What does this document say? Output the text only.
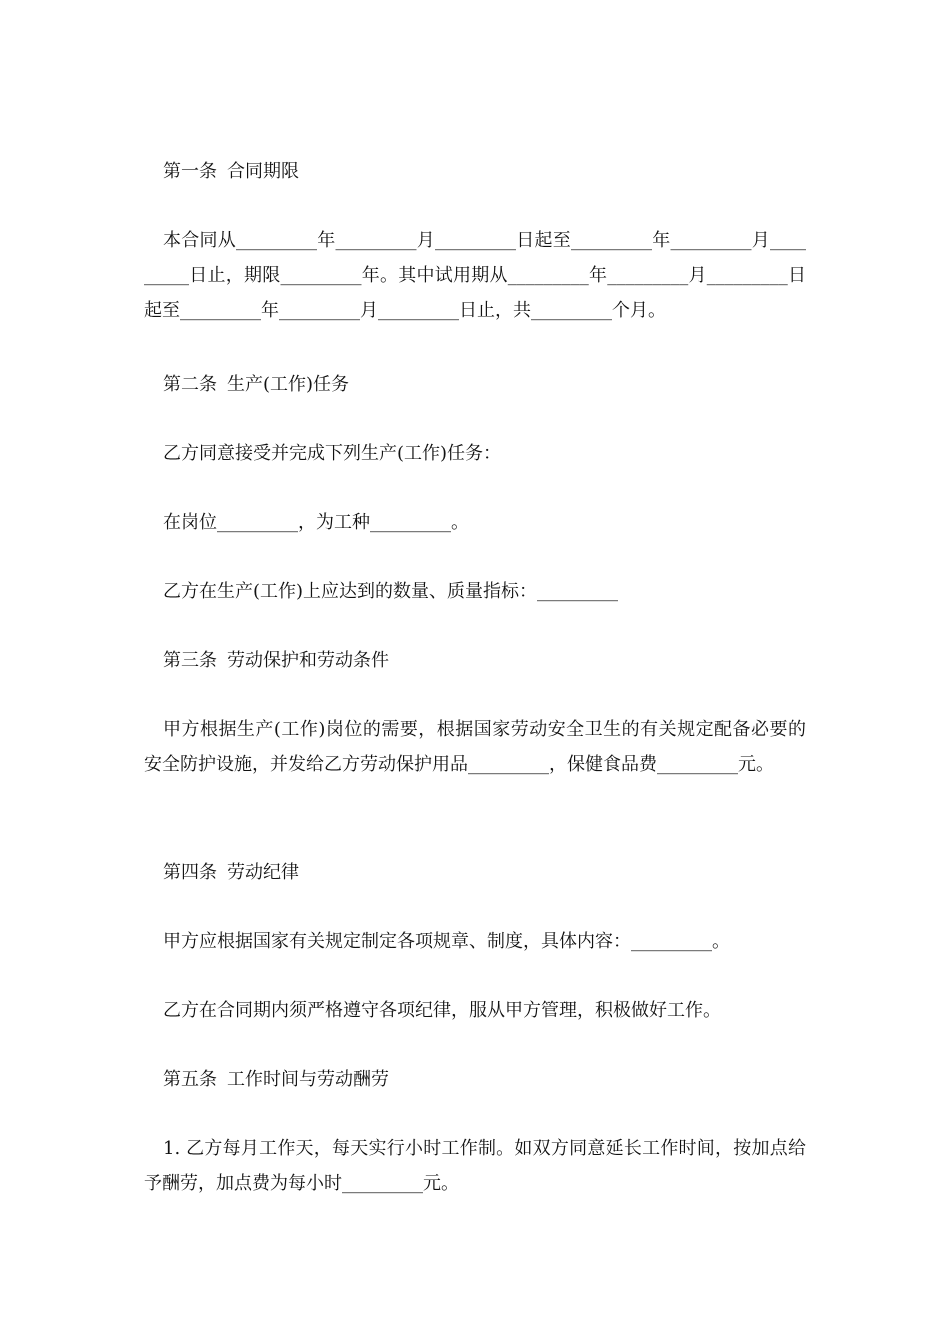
第一条 合同期限
本合同从_________年_________月_________日起至_________年_________月_________日止，期限_________年。其中试用期从_________年_________月_________日起至_________年_________月_________日止，共_________个月。
第二条 生产(工作)任务
乙方同意接受并完成下列生产(工作)任务：
在岗位_________，为工种_________。
乙方在生产(工作)上应达到的数量、质量指标：_________
第三条 劳动保护和劳动条件
甲方根据生产(工作)岗位的需要，根据国家劳动安全卫生的有关规定配备必要的安全防护设施，并发给乙方劳动保护用品_________，保健食品费_________元。
第四条 劳动纪律
甲方应根据国家有关规定制定各项规章、制度，具体内容：_________。
乙方在合同期内须严格遵守各项纪律，服从甲方管理，积极做好工作。
第五条 工作时间与劳动酬劳
1. 乙方每月工作天，每天实行小时工作制。如双方同意延长工作时间，按加点给予酬劳，加点费为每小时_________元。
